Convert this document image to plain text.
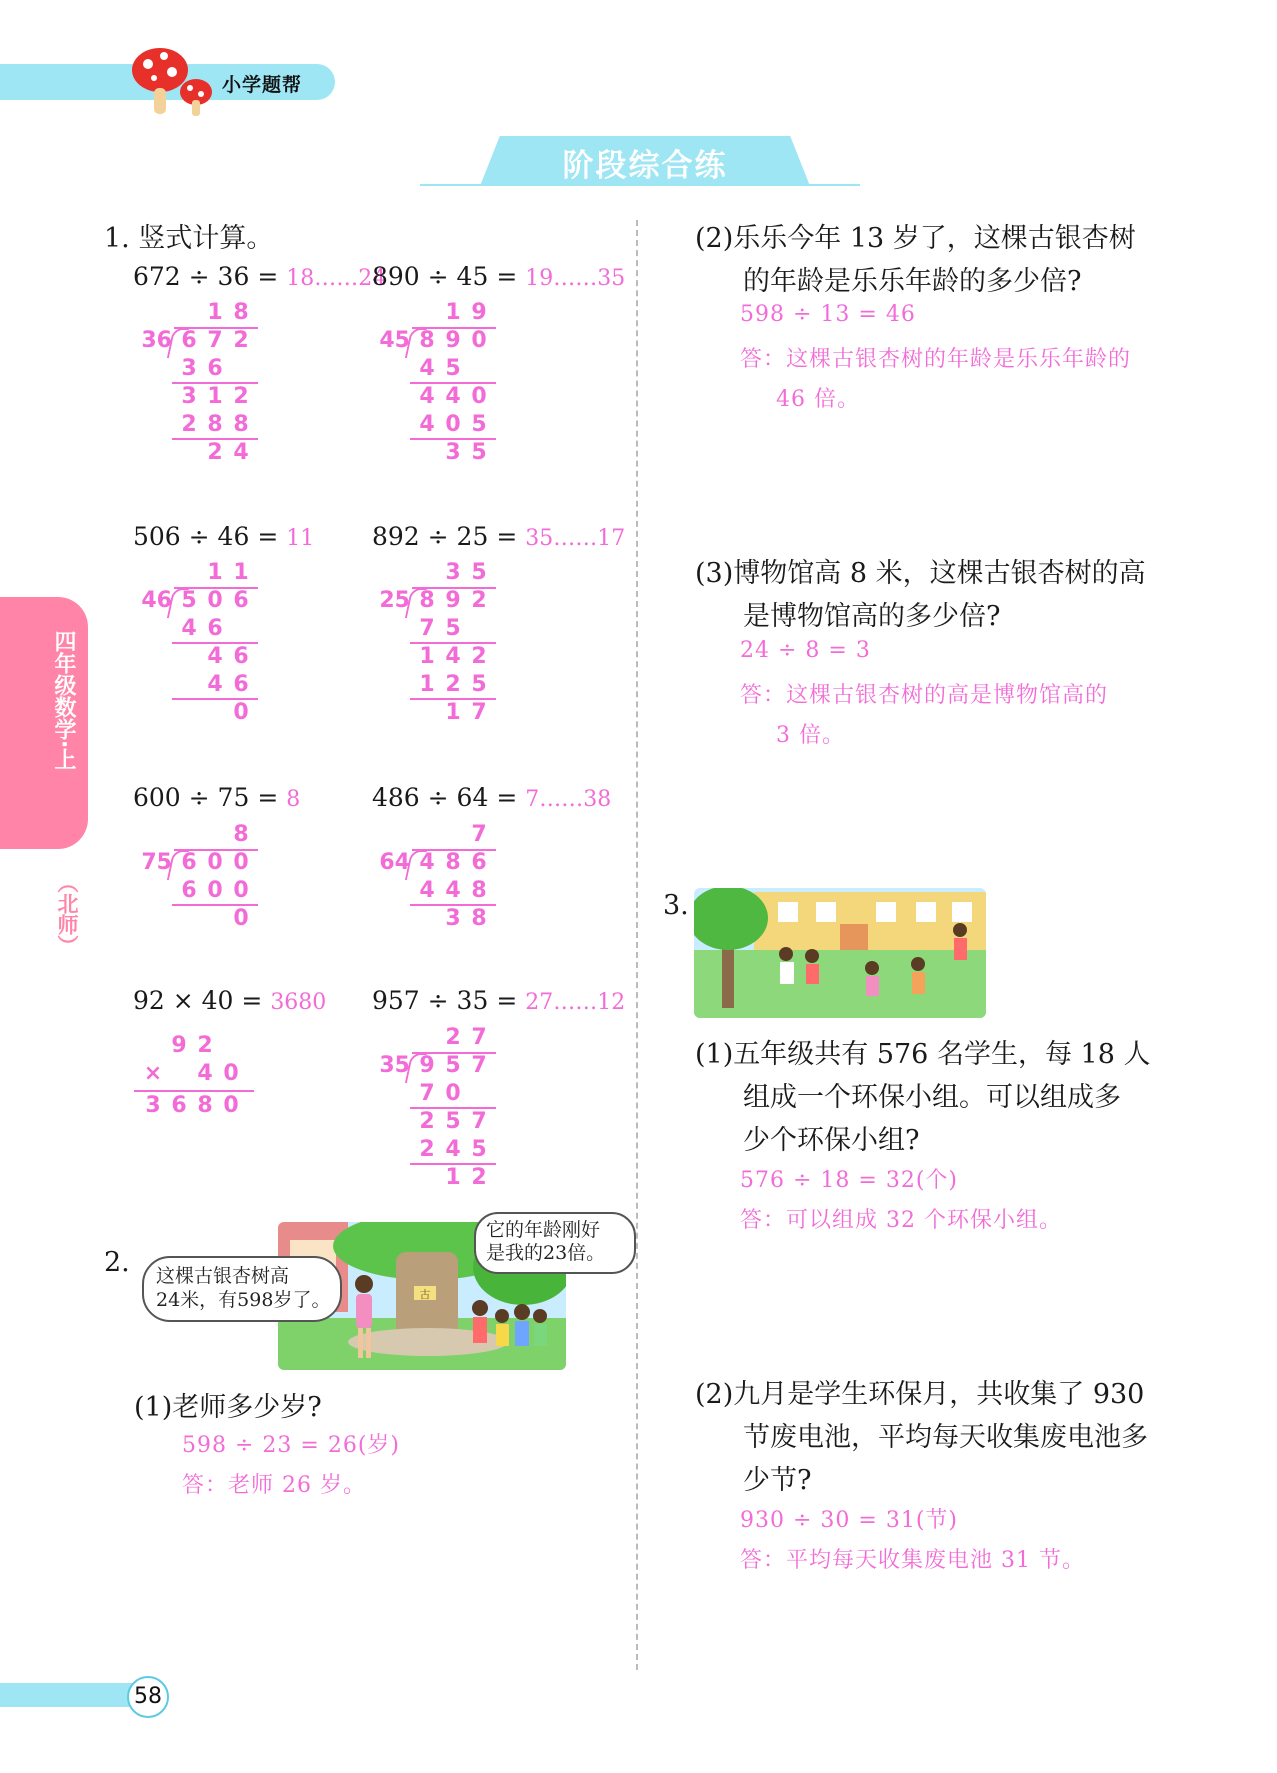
小学题帮
阶段综合练
四年级数学·上
（北师）
1. 竖式计算。
672 ÷ 36 = 18……24
890 ÷ 45 = 19……35
506 ÷ 46 = 11 892 ÷ 25 = 35……17
600 ÷ 75 = 8	486 ÷ 64 = 7……38
92 × 40 = 3680 957 ÷ 35 = 27……12
1 8
36 6 7 2
3 6
3 1 2
2 8 8
2 4
1 9
45 8 9 0
4 5
4 4 0
4 0 5
3 5
1 1
46 5 0 6
4 6
4 6
4 6
0
3 5
25 8 9 2
7 5
1 4 2
1 2 5
1 7
8
75 6 0 0
6 0 0
0
7
64 4 8 6
4 4 8
3 8
2 7
35 9 5 7
7 0
2 5 7
2 4 5
1 2
9 2
× 4 0
3 6 8 0
2.
古
这棵古银杏树高
24米，有598岁了。
它的年龄刚好
是我的23倍。
(1)老师多少岁?
598 ÷ 23 = 26(岁)
答：老师 26 岁。
(2)乐乐今年 13 岁了，这棵古银杏树
的年龄是乐乐年龄的多少倍?
598 ÷ 13 = 46
答：这棵古银杏树的年龄是乐乐年龄的
46 倍。
(3)博物馆高 8 米，这棵古银杏树的高
是博物馆高的多少倍?
24 ÷ 8 = 3
答：这棵古银杏树的高是博物馆高的
3 倍。
3.
(1)五年级共有 576 名学生，每 18 人
组成一个环保小组。可以组成多
少个环保小组?
576 ÷ 18 = 32(个)
答：可以组成 32 个环保小组。
(2)九月是学生环保月，共收集了 930
节废电池，平均每天收集废电池多
少节?
930 ÷ 30 = 31(节)
答：平均每天收集废电池 31 节。
58
